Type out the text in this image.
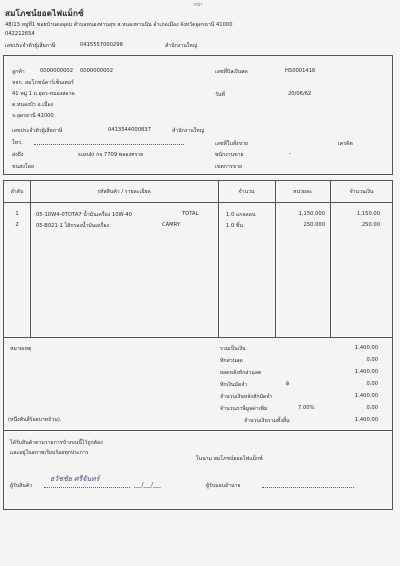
หน้า
สมโภชน์ยอดไฟแม็กซ์
48/13 หมู่ที่1 ซอยบ้านดงอุดม ตำบลหนองหานสุข ส.หนองหานนิน อำเภอเมือง จังหวัดอุดรธานี 41000
042212654
เลขประจำตัวผู้เสียภาษี	0415557000298	สำนักงานใหญ่
ลูกค้า	0000000002 0000000002
หจก. สมโภชน์คาร์เซ็นเตอร์
41 หมู่ 1 ถ.อุดร-หนองสอาด
ต.หนองบัว อ.เมือง
จ.อุดรธานี 41000
เลขประจำตัวผู้เสียภาษี	0413544000837	สำนักงานใหญ่
โทร.
ส่งถึง	suzuki กจ 7709 พลองทราย
ขนส่งโดย
เลขที่บิลเงินสด	HS0001416
วันที่	20/06/62
เลขที่ใบสั่งขาย	เครดิต
พนักงานขาย	-
เขตการขาย
ลำดับ	รหัสสินค้า / รายละเอียด	จำนวน	หน่วยละ	จำนวนเงิน
1	05-10W4-0TOTA7 น้ำมันเครื่อง 10W-40	TOTAL	1.0 แกลลอน	1,150.000	1,150.00
2	05-B021-1 ไส้กรองน้ำมันเครื่อง	CAMRY	1.0 ชิ้น	250.000	250.00
หมายเหตุ
(หนึ่งพันสี่ร้อยบาทถ้วน).
รวมเป็นเงิน	1,400.00
หักส่วนลด	0.00
ยอดหลังหักส่วนลด	1,400.00
หักเงินมัดจำ	฿	0.00
จำนวนเงินหลังหักมัดจำ	1,400.00
จำนวนภาษีมูลค่าเพิ่ม	7.00%	0.00
จำนวนเงินรวมทั้งสิ้น	1,400.00
ได้รับสินค้าตามรายการข้างบนนี้ไว้ถูกต้อง
และอยู่ในสภาพเรียบร้อยทุกประการ
ในนาม สมโภชน์ยอดไฟแม็กซ์
ผู้รับสินค้า
ธวัชชัย ศรีจันทร์
___/___/___	ผู้รับมอบอำนาจ
